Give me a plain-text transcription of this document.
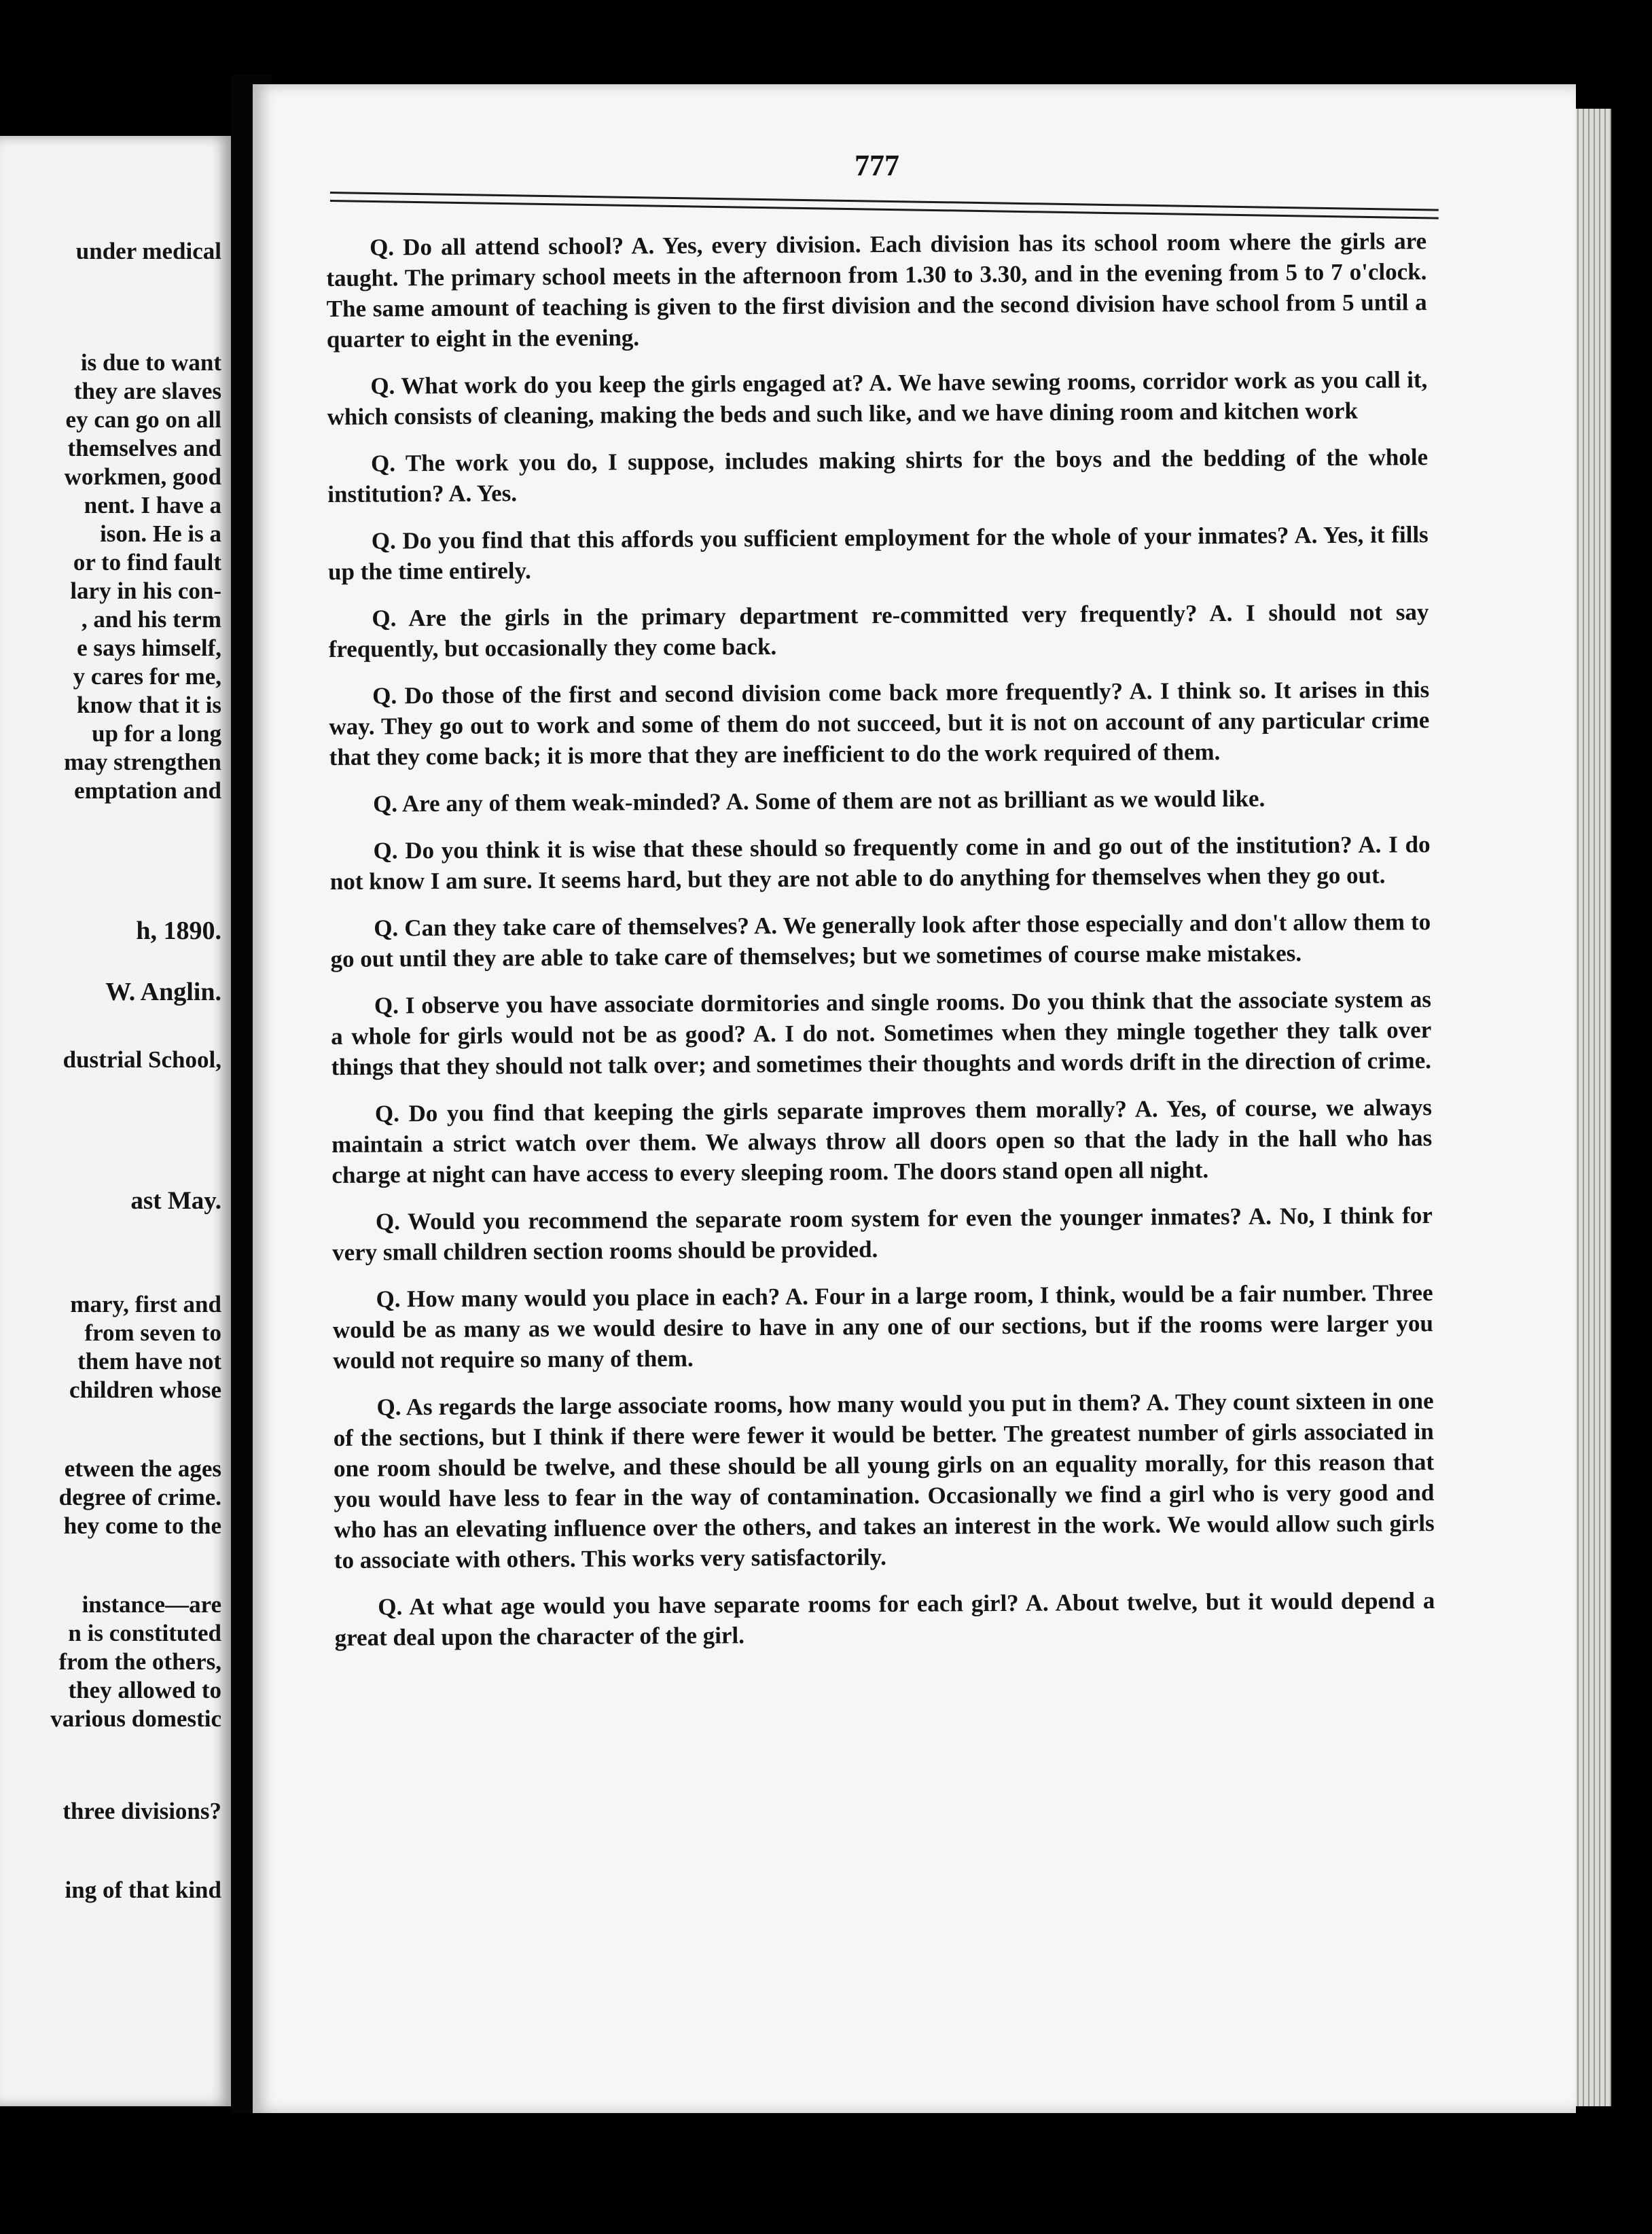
under medical
is due to want
they are slaves
ey can go on all
themselves and
workmen, good
nent. I have a
ison. He is a
or to find fault
lary in his con-
, and his term
e says himself,
y cares for me,
know that it is
up for a long
may strengthen
emptation and
h, 1890.
W. Anglin.
dustrial School,
ast May.
mary, first and
from seven to
them have not
children whose
etween the ages
degree of crime.
hey come to the
instance—are
n is constituted
from the others,
they allowed to
various domestic
three divisions?
ing of that kind
777

Q. Do all attend school? A. Yes, every division. Each division has its school room where the girls are taught. The primary school meets in the afternoon from 1.30 to 3.30, and in the evening from 5 to 7 o'clock. The same amount of teaching is given to the first division and the second division have school from 5 until a quarter to eight in the evening.

Q. What work do you keep the girls engaged at? A. We have sewing rooms, corridor work as you call it, which consists of cleaning, making the beds and such like, and we have dining room and kitchen work

Q. The work you do, I suppose, includes making shirts for the boys and the bedding of the whole institution? A. Yes.

Q. Do you find that this affords you sufficient employment for the whole of your inmates? A. Yes, it fills up the time entirely.

Q. Are the girls in the primary department re-committed very frequently? A. I should not say frequently, but occasionally they come back.

Q. Do those of the first and second division come back more frequently? A. I think so. It arises in this way. They go out to work and some of them do not succeed, but it is not on account of any particular crime that they come back; it is more that they are inefficient to do the work required of them.

Q. Are any of them weak-minded? A. Some of them are not as brilliant as we would like.

Q. Do you think it is wise that these should so frequently come in and go out of the institution? A. I do not know I am sure. It seems hard, but they are not able to do anything for themselves when they go out.

Q. Can they take care of themselves? A. We generally look after those especially and don't allow them to go out until they are able to take care of themselves; but we sometimes of course make mistakes.

Q. I observe you have associate dormitories and single rooms. Do you think that the associate system as a whole for girls would not be as good? A. I do not. Sometimes when they mingle together they talk over things that they should not talk over; and sometimes their thoughts and words drift in the direction of crime.

Q. Do you find that keeping the girls separate improves them morally? A. Yes, of course, we always maintain a strict watch over them. We always throw all doors open so that the lady in the hall who has charge at night can have access to every sleeping room. The doors stand open all night.

Q. Would you recommend the separate room system for even the younger inmates? A. No, I think for very small children section rooms should be provided.

Q. How many would you place in each? A. Four in a large room, I think, would be a fair number. Three would be as many as we would desire to have in any one of our sections, but if the rooms were larger you would not require so many of them.

Q. As regards the large associate rooms, how many would you put in them? A. They count sixteen in one of the sections, but I think if there were fewer it would be better. The greatest number of girls associated in one room should be twelve, and these should be all young girls on an equality morally, for this reason that you would have less to fear in the way of contamination. Occasionally we find a girl who is very good and who has an elevating influence over the others, and takes an interest in the work. We would allow such girls to associate with others. This works very satisfactorily.

Q. At what age would you have separate rooms for each girl? A. About twelve, but it would depend a great deal upon the character of the girl.
